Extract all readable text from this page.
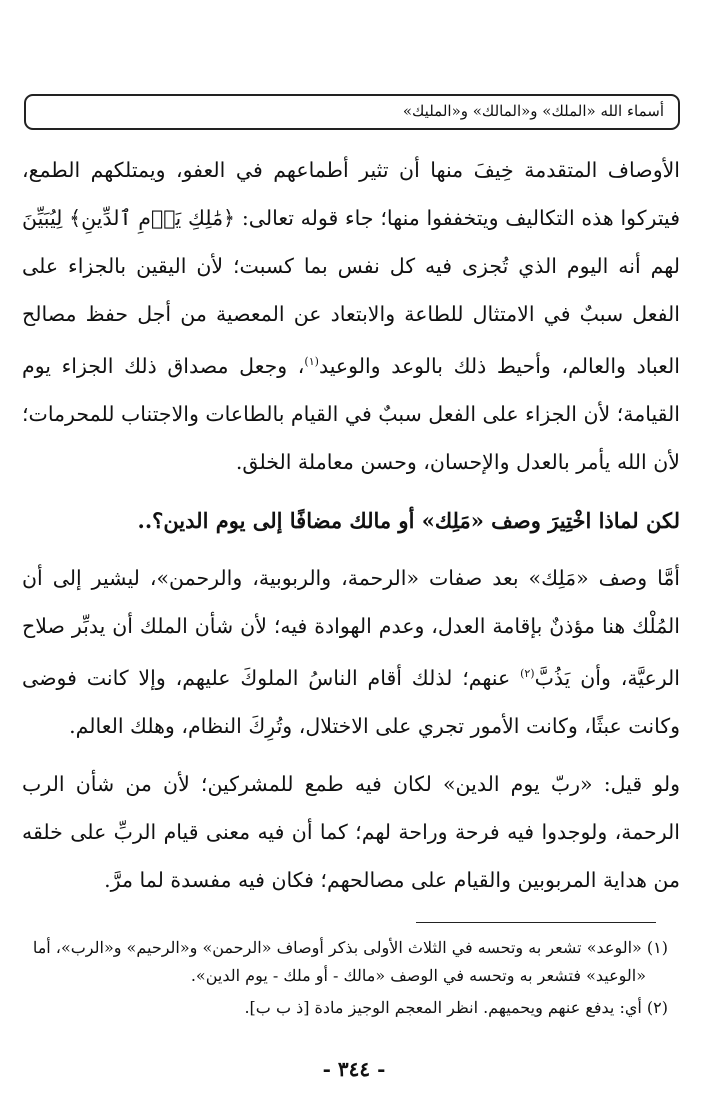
أسماء الله «الملك» و«المالك» و«المليك»

الأوصاف المتقدمة خِيفَ منها أن تثير أطماعهم في العفو، ويمتلكهم الطمع، فيتركوا هذه التكاليف ويتخففوا منها؛ جاء قوله تعالى: ﴿مَٰلِكِ يَوۡمِ ٱلدِّينِ﴾ لِيُبَيِّنَ لهم أنه اليوم الذي تُجزى فيه كل نفس بما كسبت؛ لأن اليقين بالجزاء على الفعل سببٌ في الامتثال للطاعة والابتعاد عن المعصية من أجل حفظ مصالح العباد والعالم، وأحيط ذلك بالوعد والوعيد$^{(١)}$، وجعل مصداق ذلك الجزاء يوم القيامة؛ لأن الجزاء على الفعل سببٌ في القيام بالطاعات والاجتناب للمحرمات؛ لأن الله يأمر بالعدل والإحسان، وحسن معاملة الخلق.

لكن لماذا اخْتِيرَ وصف «مَلِك» أو مالك مضافًا إلى يوم الدين؟..

أمَّا وصف «مَلِك» بعد صفات «الرحمة، والربوبية، والرحمن»، ليشير إلى أن المُلْك هنا مؤذنٌ بإقامة العدل، وعدم الهوادة فيه؛ لأن شأن الملك أن يدبِّر صلاح الرعيَّة، وأن يَذُبَّ$^{(٢)}$ عنهم؛ لذلك أقام الناسُ الملوكَ عليهم، وإلا كانت فوضى وكانت عبثًا، وكانت الأمور تجري على الاختلال، وتُرِكَ النظام، وهلك العالم.

ولو قيل: «ربّ يوم الدين» لكان فيه طمع للمشركين؛ لأن من شأن الرب الرحمة، ولوجدوا فيه فرحة وراحة لهم؛ كما أن فيه معنى قيام الربِّ على خلقه من هداية المربوبين والقيام على مصالحهم؛ فكان فيه مفسدة لما مرَّ.

(١) «الوعد» تشعر به وتحسه في الثلاث الأولى بذكر أوصاف «الرحمن» و«الرحيم» و«الرب»، أما
«الوعيد» فتشعر به وتحسه في الوصف «مالك - أو ملك - يوم الدين».

(٢) أي: يدفع عنهم ويحميهم. انظر المعجم الوجيز مادة [ذ ب ب].

- ٣٤٤ -
